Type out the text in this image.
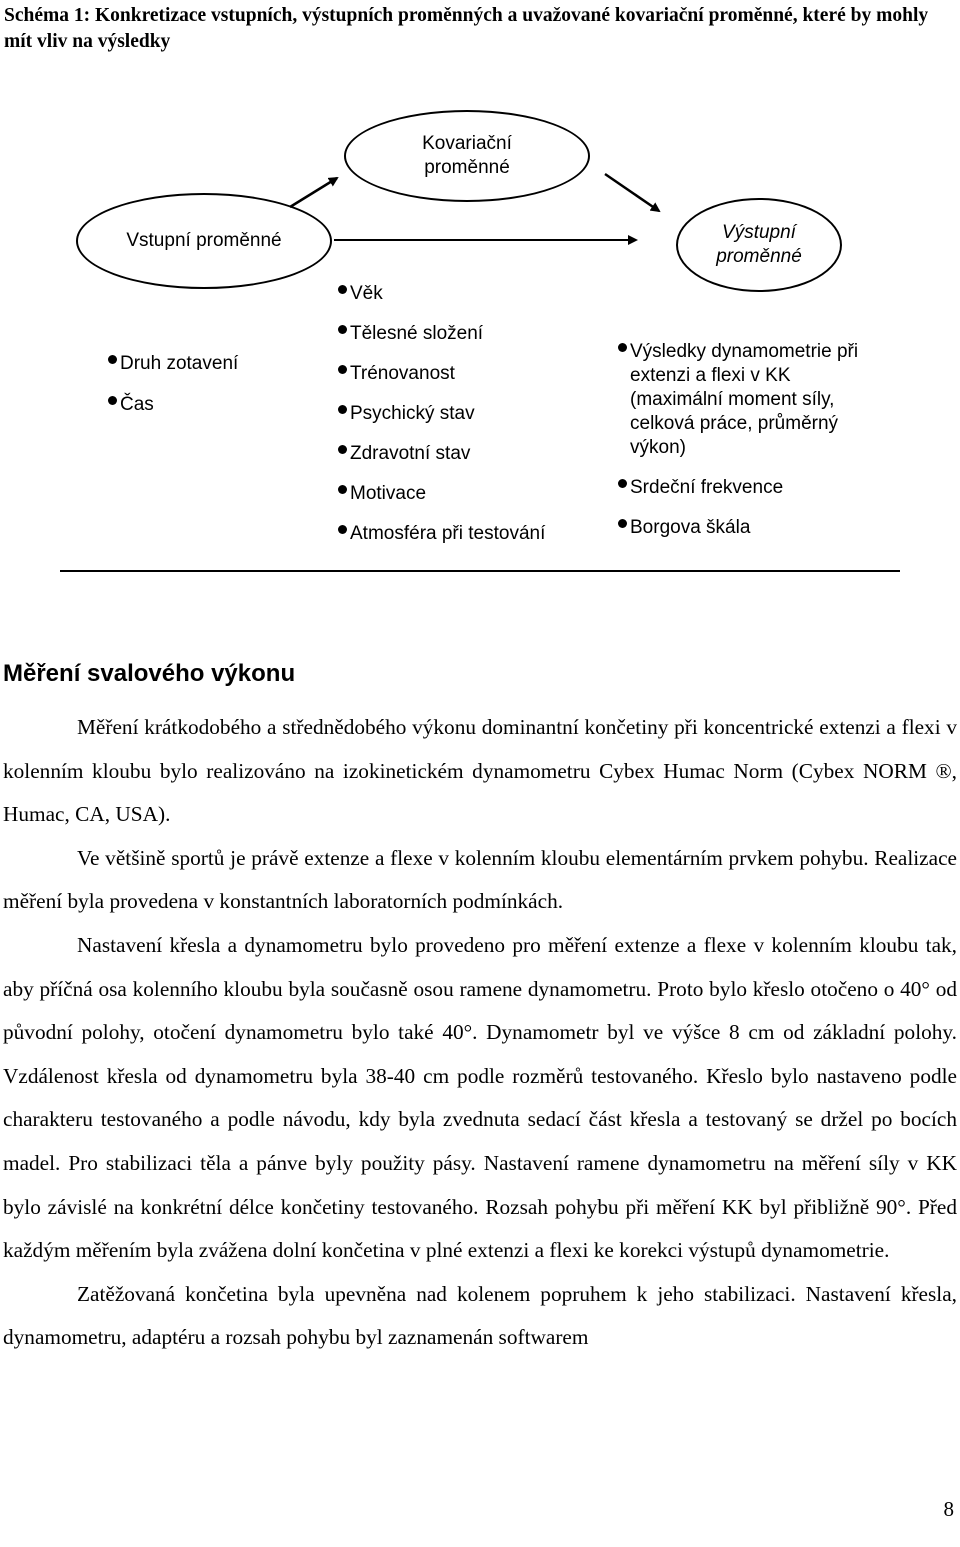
Schéma 1: Konkretizace vstupních, výstupních proměnných a uvažované kovariační proměnné, které by mohly mít vliv na výsledky
Kovariační proměnné
Vstupní proměnné	Výstupní proměnné
Druh zotavení
Čas
Věk
Tělesné složení
Trénovanost
Psychický stav
Zdravotní stav
Motivace
Atmosféra při testování
Výsledky dynamometrie při extenzi a flexi v KK (maximální moment síly, celková práce, průměrný výkon)
Srdeční frekvence
Borgova škála
Měření svalového výkonu

Měření krátkodobého a střednědobého výkonu dominantní končetiny při koncentrické extenzi a flexi v kolenním kloubu bylo realizováno na izokinetickém dynamometru Cybex Humac Norm (Cybex NORM ®, Humac, CA, USA).

Ve většině sportů je právě extenze a flexe v kolenním kloubu elementárním prvkem pohybu. Realizace měření byla provedena v konstantních laboratorních podmínkách.

Nastavení křesla a dynamometru bylo provedeno pro měření extenze a flexe v kolenním kloubu tak, aby příčná osa kolenního kloubu byla současně osou ramene dynamometru. Proto bylo křeslo otočeno o 40° od původní polohy, otočení dynamometru bylo také 40°. Dynamometr byl ve výšce 8 cm od základní polohy. Vzdálenost křesla od dynamometru byla 38-40 cm podle rozměrů testovaného. Křeslo bylo nastaveno podle charakteru testovaného a podle návodu, kdy byla zvednuta sedací část křesla a testovaný se držel po bocích madel. Pro stabilizaci těla a pánve byly použity pásy. Nastavení ramene dynamometru na měření síly v KK bylo závislé na konkrétní délce končetiny testovaného. Rozsah pohybu při měření KK byl přibližně 90°. Před každým měřením byla zvážena dolní končetina v plné extenzi a flexi ke korekci výstupů dynamometrie.

Zatěžovaná končetina byla upevněna nad kolenem popruhem k jeho stabilizaci. Nastavení křesla, dynamometru, adaptéru a rozsah pohybu byl zaznamenán softwarem

8
